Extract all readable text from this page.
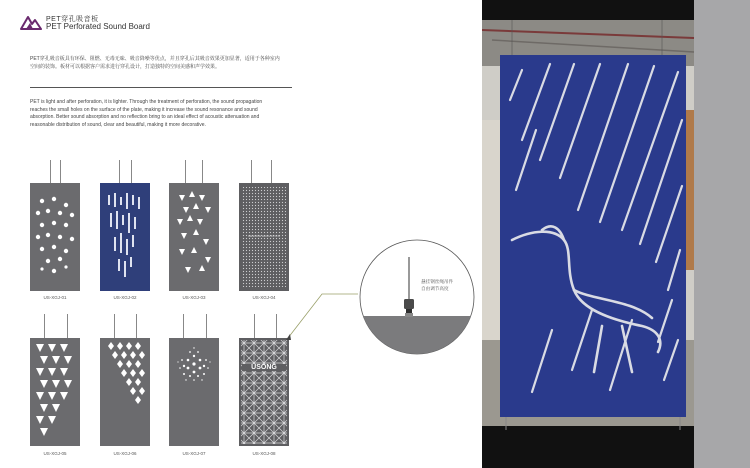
PET穿孔吸音板
PET Perforated Sound Board

PET穿孔吸音板具有环保、阻燃、无毒无味、吸音降噪等优点，并且穿孔后其吸音效果更加显著，适用于各种室内空间的装饰。板材可以根据客户需求进行穿孔设计，打造独特的空间美感和声学效果。

PET is light and after perforation, it is lighter. Through the treatment of perforation, the sound propagation reaches the small holes on the surface of the plate, making it increase the sound resonance and sound absorption. Better sound absorption and no reflection bring to an ideal effect of acoustic attenuation and reasonable distribution of sound, clear and beautiful, making it more decorative.

US-XGJ-01	US-XGJ-02	US-XGJ-03
UESONG ACOUSTICS
US-XGJ-04
USONG
悬挂钢丝绳吊件
自由调节高度
US-XGJ-05	US-XGJ-06	US-XGJ-07	US-XGJ-08
